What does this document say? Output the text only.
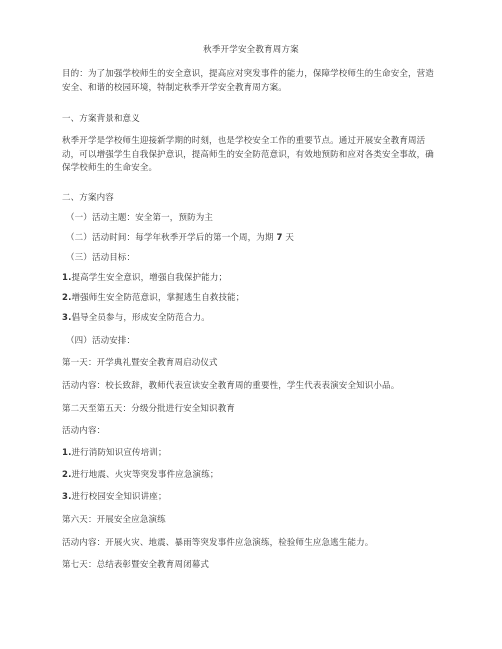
秋季开学安全教育周方案

目的：为了加强学校师生的安全意识，提高应对突发事件的能力，保障学校师生的生命安全，营造安全、和谐的校园环境，特制定秋季开学安全教育周方案。

一、方案背景和意义

秋季开学是学校师生迎接新学期的时刻，也是学校安全工作的重要节点。通过开展安全教育周活动，可以增强学生自我保护意识，提高师生的安全防范意识，有效地预防和应对各类安全事故，确保学校师生的生命安全。

二、方案内容
（一）活动主题：安全第一，预防为主
（二）活动时间：每学年秋季开学后的第一个周，为期 7 天
（三）活动目标：
1.提高学生安全意识，增强自我保护能力；
2.增强师生安全防范意识，掌握逃生自救技能；
3.倡导全员参与，形成安全防范合力。
（四）活动安排：
第一天：开学典礼暨安全教育周启动仪式
活动内容：校长致辞，教师代表宣读安全教育周的重要性，学生代表表演安全知识小品。
第二天至第五天：分级分批进行安全知识教育
活动内容：
1.进行消防知识宣传培训；
2.进行地震、火灾等突发事件应急演练；
3.进行校园安全知识讲座；
第六天：开展安全应急演练
活动内容：开展火灾、地震、暴雨等突发事件应急演练，检验师生应急逃生能力。
第七天：总结表彰暨安全教育周闭幕式
